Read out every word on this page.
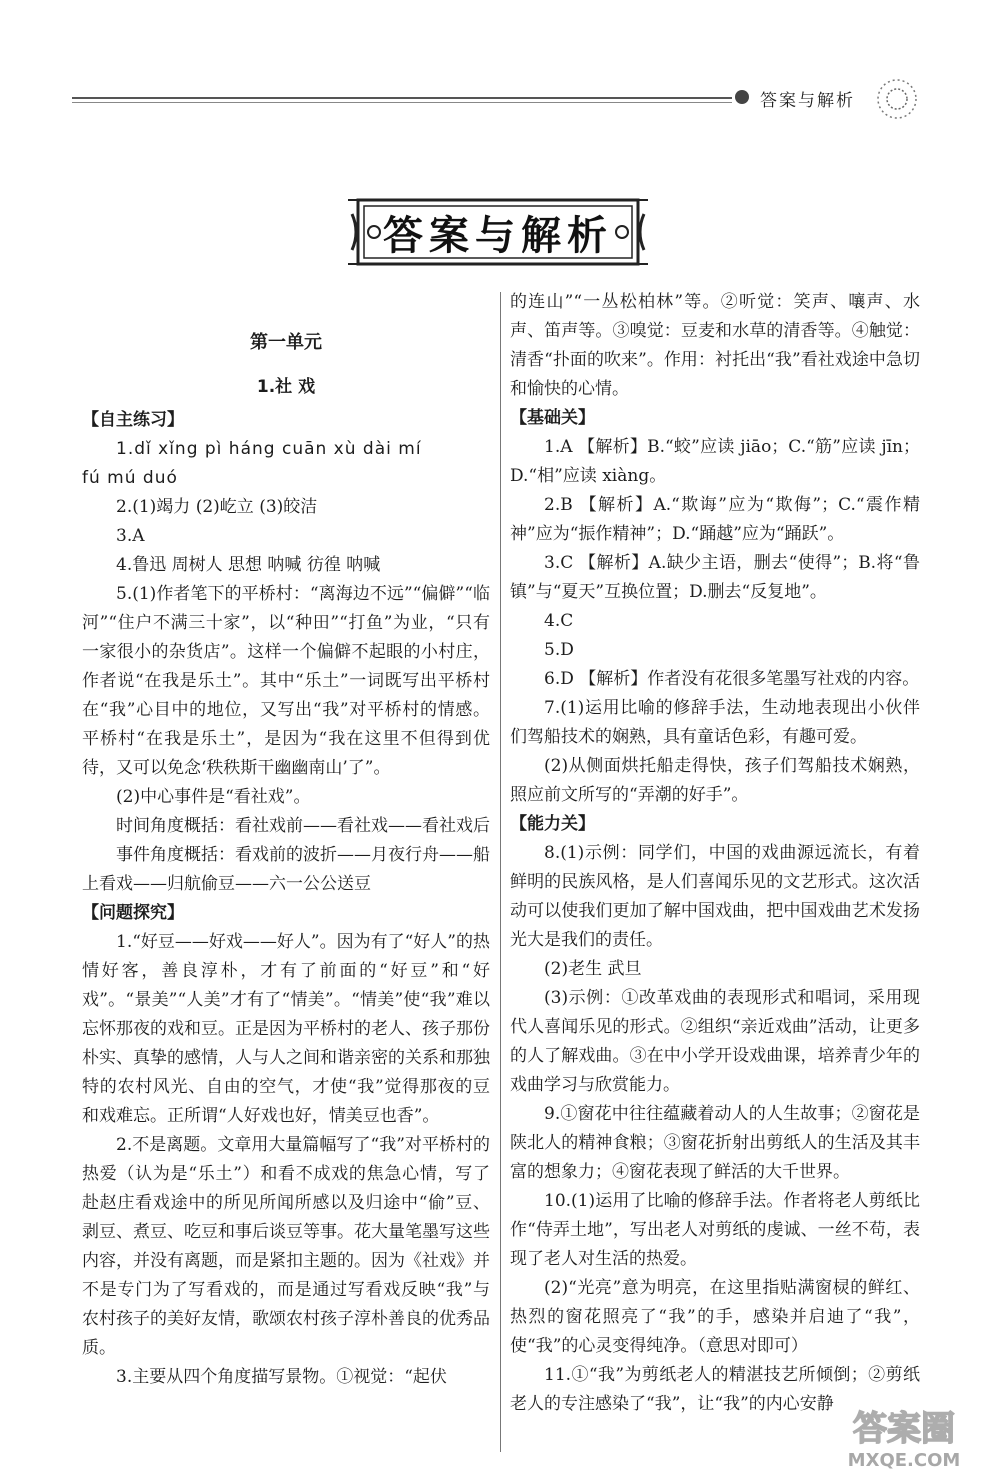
答案与解析
答案与解析

第一单元

1.社 戏

【自主练习】

1.dǐ xǐng pì háng cuān xù dài mí

fú mú duó

2.(1)竭力 (2)屹立 (3)皎洁

3.A

4.鲁迅 周树人 思想 呐喊 彷徨 呐喊

5.(1)作者笔下的平桥村：“离海边不远”“偏僻”“临河”“住户不满三十家”，以“种田”“打鱼”为业，“只有一家很小的杂货店”。这样一个偏僻不起眼的小村庄，作者说“在我是乐土”。其中“乐土”一词既写出平桥村在“我”心目中的地位，又写出“我”对平桥村的情感。平桥村“在我是乐土”，是因为“我在这里不但得到优待，又可以免念‘秩秩斯干幽幽南山’了”。

(2)中心事件是“看社戏”。

时间角度概括：看社戏前——看社戏——看社戏后

事件角度概括：看戏前的波折——月夜行舟——船上看戏——归航偷豆——六一公公送豆

【问题探究】

1.“好豆——好戏——好人”。因为有了“好人”的热情好客，善良淳朴，才有了前面的“好豆”和“好戏”。“景美”“人美”才有了“情美”。“情美”使“我”难以忘怀那夜的戏和豆。正是因为平桥村的老人、孩子那份朴实、真挚的感情，人与人之间和谐亲密的关系和那独特的农村风光、自由的空气，才使“我”觉得那夜的豆和戏难忘。正所谓“人好戏也好，情美豆也香”。

2.不是离题。文章用大量篇幅写了“我”对平桥村的热爱（认为是“乐土”）和看不成戏的焦急心情，写了赴赵庄看戏途中的所见所闻所感以及归途中“偷”豆、剥豆、煮豆、吃豆和事后谈豆等事。花大量笔墨写这些内容，并没有离题，而是紧扣主题的。因为《社戏》并不是专门为了写看戏的，而是通过写看戏反映“我”与农村孩子的美好友情，歌颂农村孩子淳朴善良的优秀品质。

3.主要从四个角度描写景物。①视觉：“起伏

的连山”“一丛松柏林”等。②听觉：笑声、嚷声、水声、笛声等。③嗅觉：豆麦和水草的清香等。④触觉：清香“扑面的吹来”。作用：衬托出“我”看社戏途中急切和愉快的心情。

【基础关】

1.A 【解析】B.“蛟”应读 jiāo；C.“筋”应读 jīn；D.“相”应读 xiàng。

2.B 【解析】A.“欺诲”应为“欺侮”；C.“震作精神”应为“振作精神”；D.“踊越”应为“踊跃”。

3.C 【解析】A.缺少主语，删去“使得”；B.将“鲁镇”与“夏天”互换位置；D.删去“反复地”。

4.C

5.D

6.D 【解析】作者没有花很多笔墨写社戏的内容。

7.(1)运用比喻的修辞手法，生动地表现出小伙伴们驾船技术的娴熟，具有童话色彩，有趣可爱。

(2)从侧面烘托船走得快，孩子们驾船技术娴熟，照应前文所写的“弄潮的好手”。

【能力关】

8.(1)示例：同学们，中国的戏曲源远流长，有着鲜明的民族风格，是人们喜闻乐见的文艺形式。这次活动可以使我们更加了解中国戏曲，把中国戏曲艺术发扬光大是我们的责任。

(2)老生 武旦

(3)示例：①改革戏曲的表现形式和唱词，采用现代人喜闻乐见的形式。②组织“亲近戏曲”活动，让更多的人了解戏曲。③在中小学开设戏曲课，培养青少年的戏曲学习与欣赏能力。

9.①窗花中往往蕴藏着动人的人生故事；②窗花是陕北人的精神食粮；③窗花折射出剪纸人的生活及其丰富的想象力；④窗花表现了鲜活的大千世界。

10.(1)运用了比喻的修辞手法。作者将老人剪纸比作“侍弄土地”，写出老人对剪纸的虔诚、一丝不苟，表现了老人对生活的热爱。

(2)“光亮”意为明亮，在这里指贴满窗棂的鲜红、热烈的窗花照亮了“我”的手，感染并启迪了“我”，使“我”的心灵变得纯净。（意思对即可）

11.①“我”为剪纸老人的精湛技艺所倾倒；②剪纸老人的专注感染了“我”，让“我”的内心安静

答案圈
MXQE.COM
